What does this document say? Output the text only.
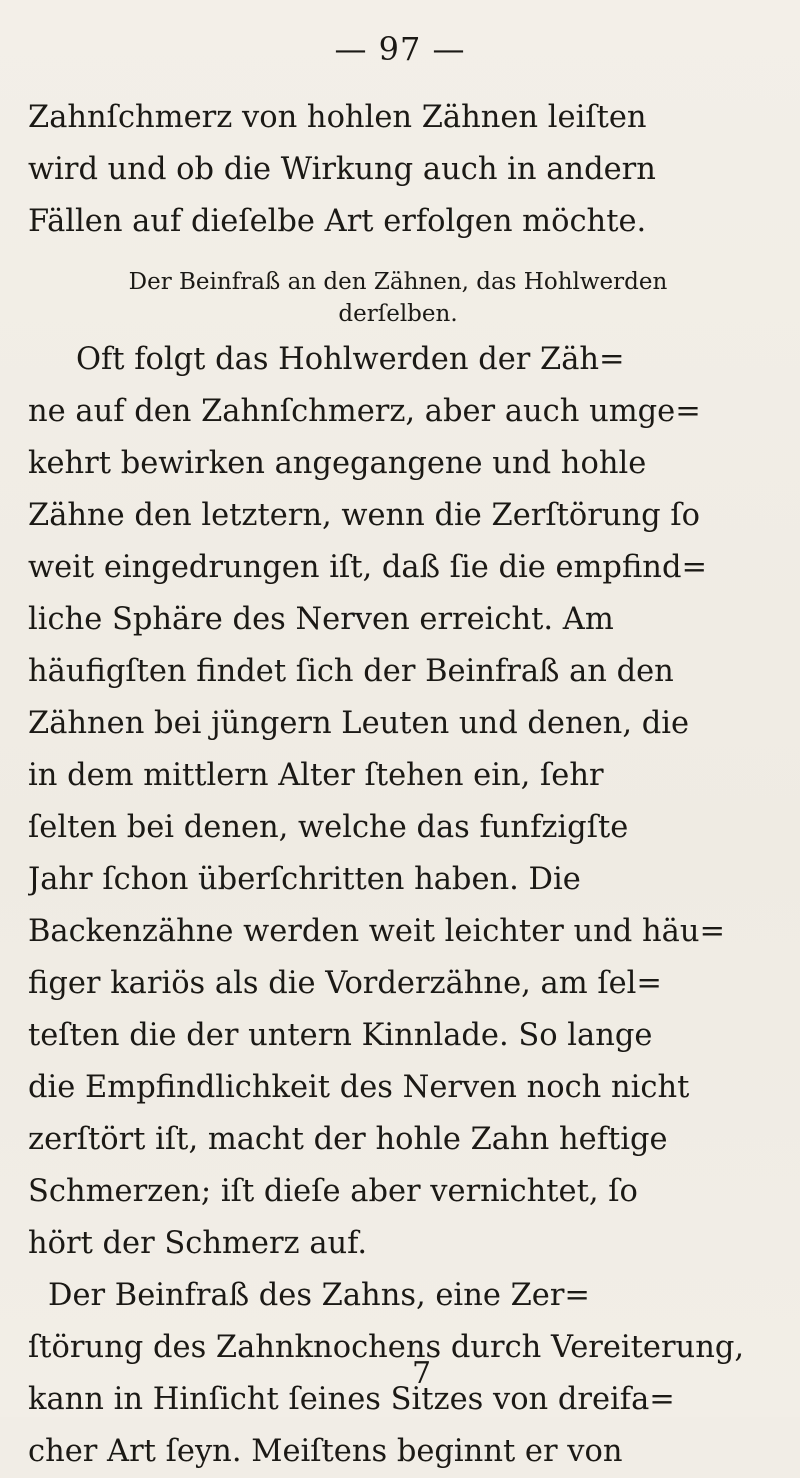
— 97 —
Zahnſchmerz von hohlen Zähnen leiſten
wird und ob die Wirkung auch in andern
Fällen auf dieſelbe Art erfolgen möchte.
Der Beinfraß an den Zähnen, das Hohlwerden
derſelben.
Oft folgt das Hohlwerden der Zäh=
ne auf den Zahnſchmerz, aber auch umge=
kehrt bewirken angegangene und hohle
Zähne den letztern, wenn die Zerſtörung ſo
weit eingedrungen iſt, daß ſie die empfind=
liche Sphäre des Nerven erreicht. Am
häufigſten findet ſich der Beinfraß an den
Zähnen bei jüngern Leuten und denen, die
in dem mittlern Alter ſtehen ein, ſehr
ſelten bei denen, welche das funfzigſte
Jahr ſchon überſchritten haben. Die
Backenzähne werden weit leichter und häu=
figer kariös als die Vorderzähne, am ſel=
teſten die der untern Kinnlade. So lange
die Empfindlichkeit des Nerven noch nicht
zerſtört iſt, macht der hohle Zahn heftige
Schmerzen; iſt dieſe aber vernichtet, ſo
hört der Schmerz auf.
Der Beinfraß des Zahns, eine Zer=
ſtörung des Zahnknochens durch Vereiterung,
kann in Hinſicht ſeines Sitzes von dreifa=
cher Art ſeyn. Meiſtens beginnt er von
7
